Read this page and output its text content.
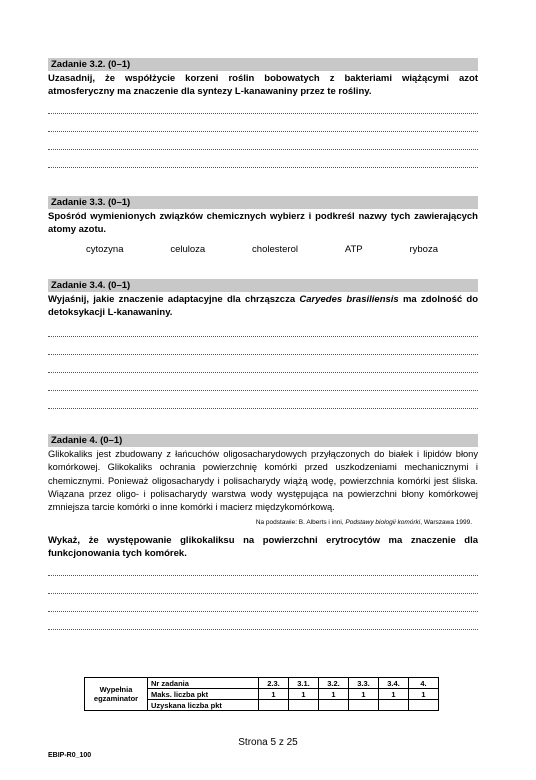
Zadanie 3.2. (0–1)
Uzasadnij, że współżycie korzeni roślin bobowatych z bakteriami wiążącymi azot atmosferyczny ma znaczenie dla syntezy L-kanawaniny przez te rośliny.
Zadanie 3.3. (0–1)
Spośród wymienionych związków chemicznych wybierz i podkreśl nazwy tych zawierających atomy azotu.
cytozyna	celuloza	cholesterol	ATP	ryboza
Zadanie 3.4. (0–1)
Wyjaśnij, jakie znaczenie adaptacyjne dla chrząszcza Caryedes brasiliensis ma zdolność do detoksykacji L-kanawaniny.
Zadanie 4. (0–1)
Glikokaliks jest zbudowany z łańcuchów oligosacharydowych przyłączonych do białek i lipidów błony komórkowej. Glikokaliks ochrania powierzchnię komórki przed uszkodzeniami mechanicznymi i chemicznymi. Ponieważ oligosacharydy i polisacharydy wiążą wodę, powierzchnia komórki jest śliska. Wiązana przez oligo- i polisacharydy warstwa wody występująca na powierzchni błony komórkowej zmniejsza tarcie komórki o inne komórki i macierz międzykomórkową.
Na podstawie: B. Alberts i inni, Podstawy biologii komórki, Warszawa 1999.
Wykaż, że występowanie glikokaliksu na powierzchni erytrocytów ma znaczenie dla funkcjonowania tych komórek.
Wypełnia egzaminator	Nr zadania	2.3.	3.1.	3.2.	3.3.	3.4.	4.
	Maks. liczba pkt	1	1	1	1	1	1
	Uzyskana liczba pkt						
Strona 5 z 25
EBIP-R0_100
